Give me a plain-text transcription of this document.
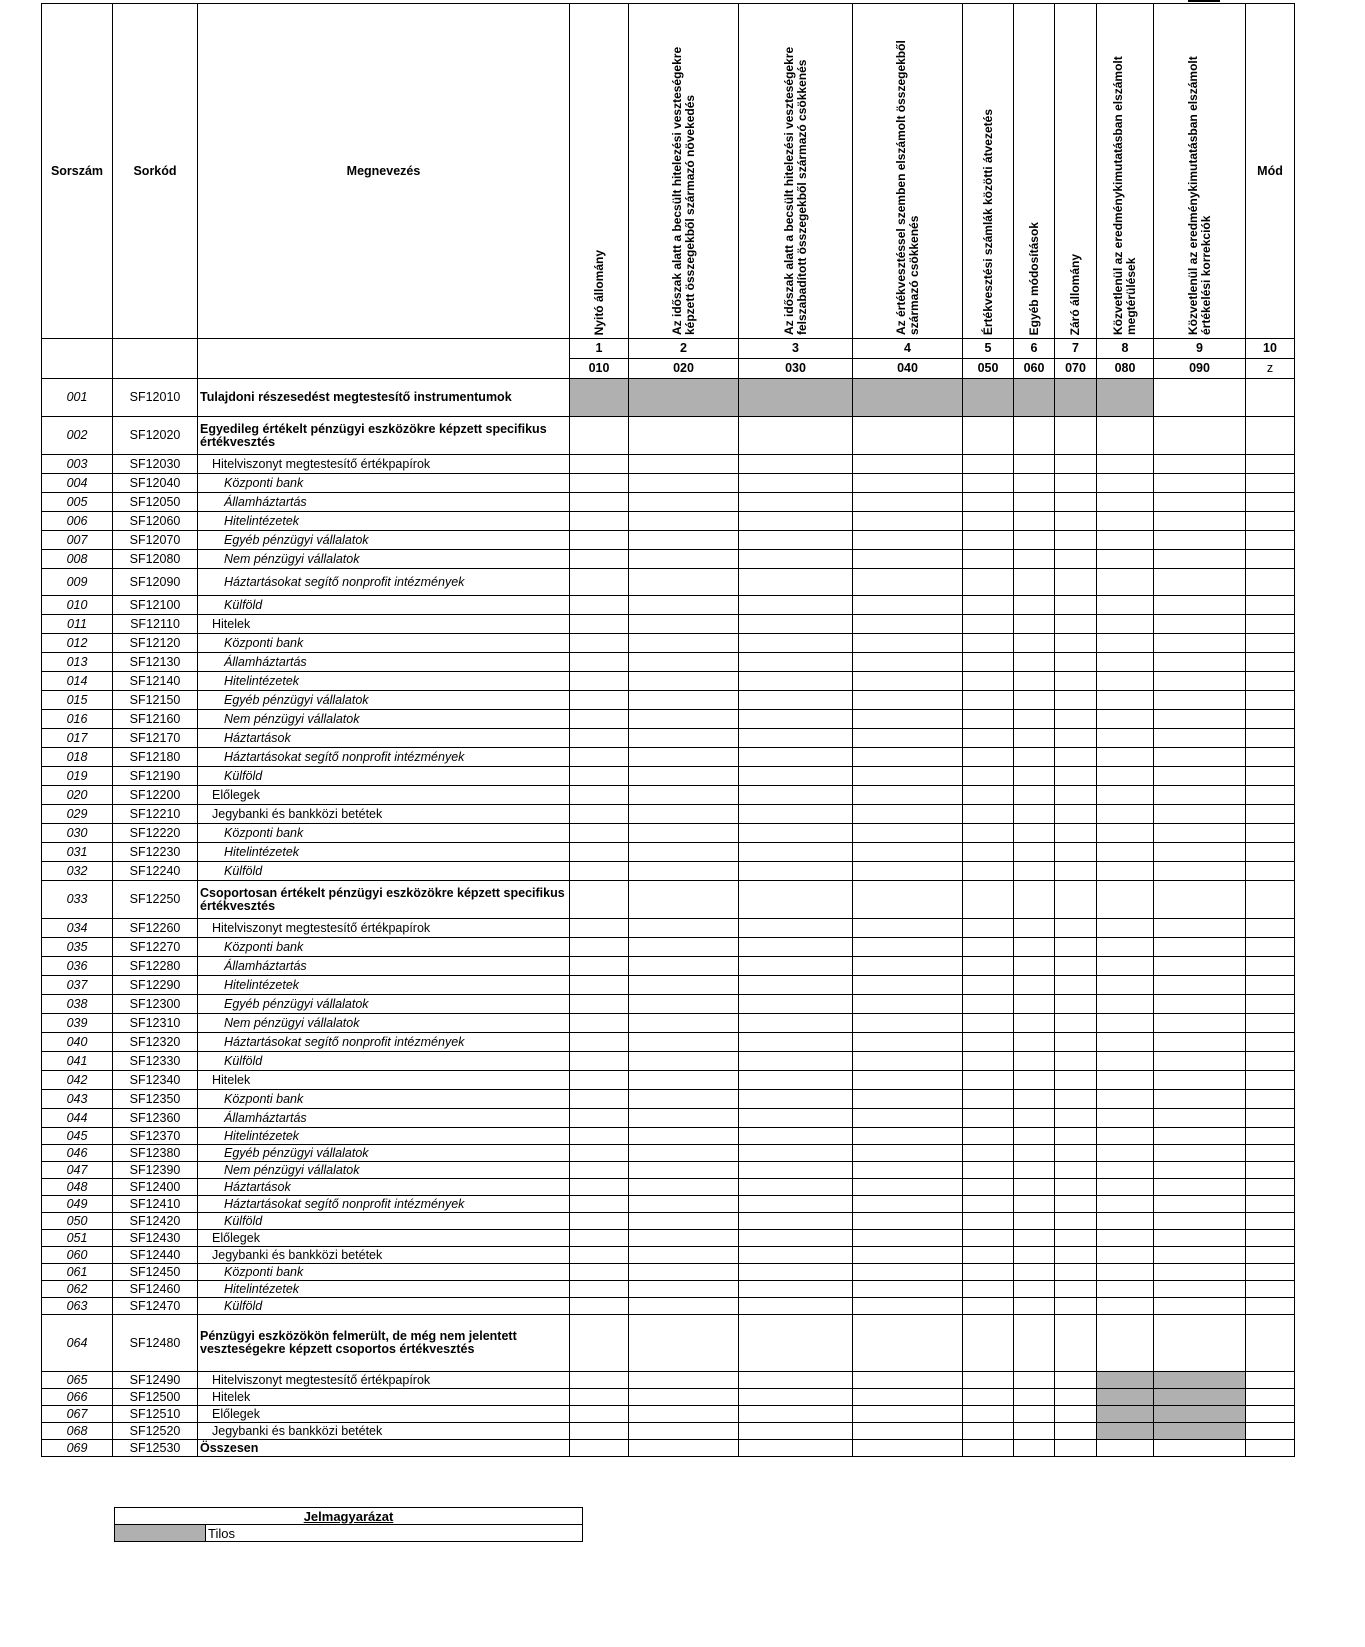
Sorszám	Sorkód	Megnevezés	Nyitó állomány	Az időszak alatt a becsült hitelezési veszteségekre képzett összegekből származó növekedés	Az időszak alatt a becsült hitelezési veszteségekre felszabadított összegekből származó csökkenés	Az értékvesztéssel szemben elszámolt összegekből származó csökkenés	Értékvesztési számlák közötti átvezetés	Egyéb módosítások	Záró állomány	Közvetlenül az eredménykimutatásban elszámolt megtérülések	Közvetlenül az eredménykimutatásban elszámolt értékelési korrekciók	Mód
			1	2	3	4	5	6	7	8	9	10
			010	020	030	040	050	060	070	080	090	z
001	SF12010	Tulajdoni részesedést megtestesítő instrumentumok										
002	SF12020	Egyedileg értékelt pénzügyi eszközökre képzett specifikus értékvesztés										
003	SF12030	Hitelviszonyt megtestesítő értékpapírok										
004	SF12040	Központi bank										
005	SF12050	Államháztartás										
006	SF12060	Hitelintézetek										
007	SF12070	Egyéb pénzügyi vállalatok										
008	SF12080	Nem pénzügyi vállalatok										
009	SF12090	Háztartásokat segítő nonprofit intézmények										
010	SF12100	Külföld										
011	SF12110	Hitelek										
012	SF12120	Központi bank										
013	SF12130	Államháztartás										
014	SF12140	Hitelintézetek										
015	SF12150	Egyéb pénzügyi vállalatok										
016	SF12160	Nem pénzügyi vállalatok										
017	SF12170	Háztartások										
018	SF12180	Háztartásokat segítő nonprofit intézmények										
019	SF12190	Külföld										
020	SF12200	Előlegek										
029	SF12210	Jegybanki és bankközi betétek										
030	SF12220	Központi bank										
031	SF12230	Hitelintézetek										
032	SF12240	Külföld										
033	SF12250	Csoportosan értékelt pénzügyi eszközökre képzett specifikus értékvesztés										
034	SF12260	Hitelviszonyt megtestesítő értékpapírok										
035	SF12270	Központi bank										
036	SF12280	Államháztartás										
037	SF12290	Hitelintézetek										
038	SF12300	Egyéb pénzügyi vállalatok										
039	SF12310	Nem pénzügyi vállalatok										
040	SF12320	Háztartásokat segítő nonprofit intézmények										
041	SF12330	Külföld										
042	SF12340	Hitelek										
043	SF12350	Központi bank										
044	SF12360	Államháztartás										
045	SF12370	Hitelintézetek										
046	SF12380	Egyéb pénzügyi vállalatok										
047	SF12390	Nem pénzügyi vállalatok										
048	SF12400	Háztartások										
049	SF12410	Háztartásokat segítő nonprofit intézmények										
050	SF12420	Külföld										
051	SF12430	Előlegek										
060	SF12440	Jegybanki és bankközi betétek										
061	SF12450	Központi bank										
062	SF12460	Hitelintézetek										
063	SF12470	Külföld										
064	SF12480	Pénzügyi eszközökön felmerült, de még nem jelentett veszteségekre képzett csoportos értékvesztés										
065	SF12490	Hitelviszonyt megtestesítő értékpapírok										
066	SF12500	Hitelek										
067	SF12510	Előlegek										
068	SF12520	Jegybanki és bankközi betétek										
069	SF12530	Összesen										
Jelmagyarázat
	Tilos
